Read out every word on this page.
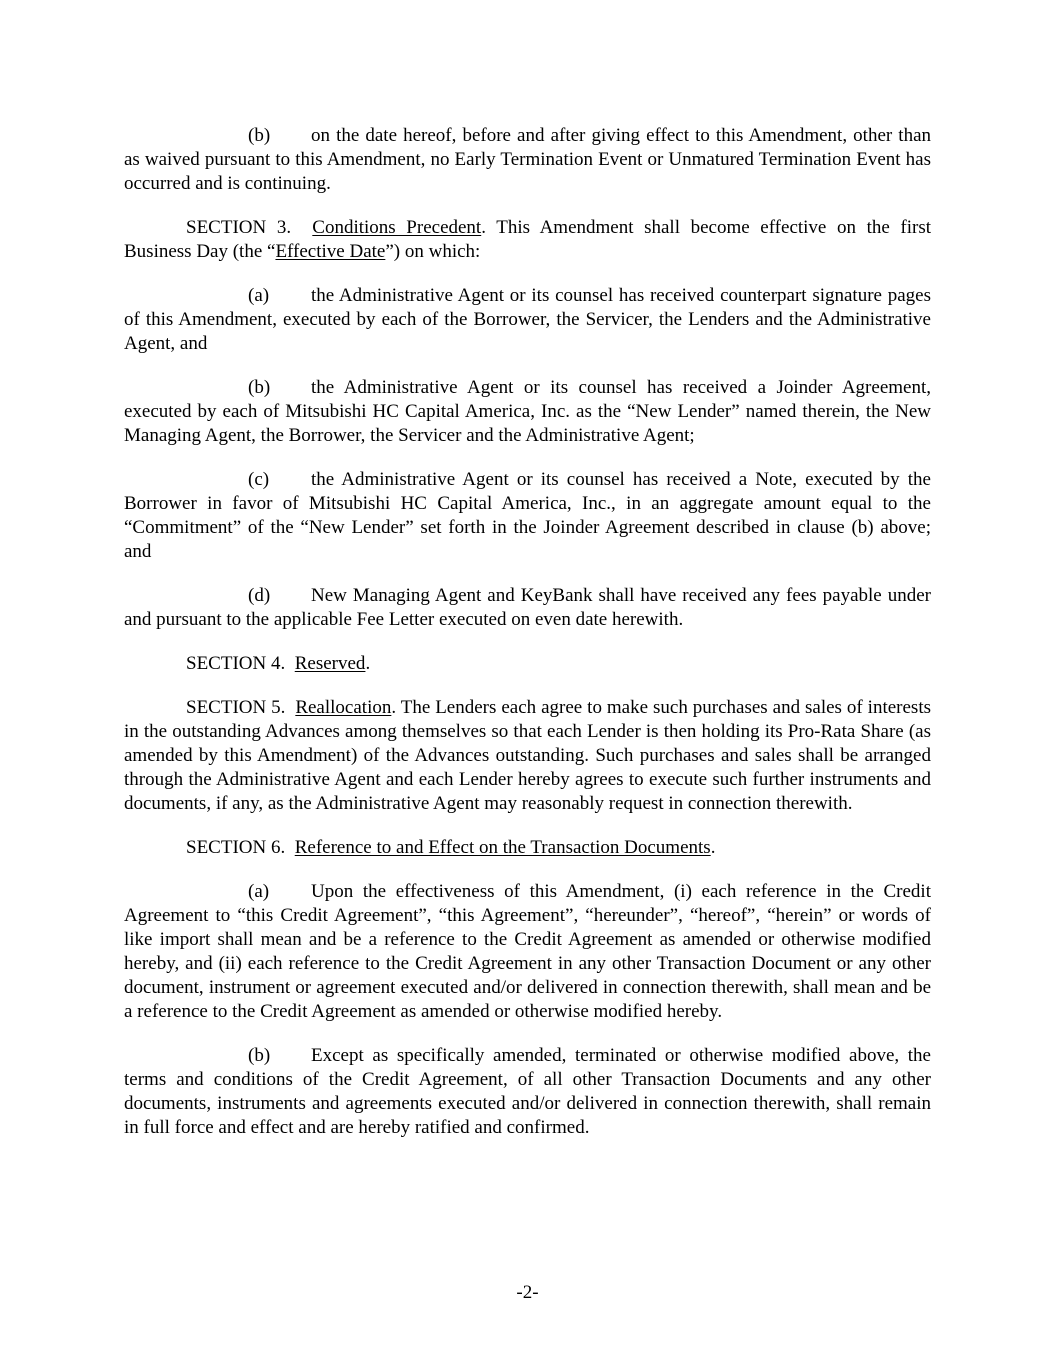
(b) on the date hereof, before and after giving effect to this Amendment, other than as waived pursuant to this Amendment, no Early Termination Event or Unmatured Termination Event has occurred and is continuing.

SECTION 3. Conditions Precedent. This Amendment shall become effective on the first Business Day (the “Effective Date”) on which:

(a) the Administrative Agent or its counsel has received counterpart signature pages of this Amendment, executed by each of the Borrower, the Servicer, the Lenders and the Administrative Agent, and

(b) the Administrative Agent or its counsel has received a Joinder Agreement, executed by each of Mitsubishi HC Capital America, Inc. as the “New Lender” named therein, the New Managing Agent, the Borrower, the Servicer and the Administrative Agent;

(c) the Administrative Agent or its counsel has received a Note, executed by the Borrower in favor of Mitsubishi HC Capital America, Inc., in an aggregate amount equal to the “Commitment” of the “New Lender” set forth in the Joinder Agreement described in clause (b) above; and

(d) New Managing Agent and KeyBank shall have received any fees payable under and pursuant to the applicable Fee Letter executed on even date herewith.

SECTION 4. Reserved.

SECTION 5. Reallocation. The Lenders each agree to make such purchases and sales of interests in the outstanding Advances among themselves so that each Lender is then holding its Pro-Rata Share (as amended by this Amendment) of the Advances outstanding. Such purchases and sales shall be arranged through the Administrative Agent and each Lender hereby agrees to execute such further instruments and documents, if any, as the Administrative Agent may reasonably request in connection therewith.

SECTION 6. Reference to and Effect on the Transaction Documents.

(a) Upon the effectiveness of this Amendment, (i) each reference in the Credit Agreement to “this Credit Agreement”, “this Agreement”, “hereunder”, “hereof”, “herein” or words of like import shall mean and be a reference to the Credit Agreement as amended or otherwise modified hereby, and (ii) each reference to the Credit Agreement in any other Transaction Document or any other document, instrument or agreement executed and/or delivered in connection therewith, shall mean and be a reference to the Credit Agreement as amended or otherwise modified hereby.

(b) Except as specifically amended, terminated or otherwise modified above, the terms and conditions of the Credit Agreement, of all other Transaction Documents and any other documents, instruments and agreements executed and/or delivered in connection therewith, shall remain in full force and effect and are hereby ratified and confirmed.

-2-
